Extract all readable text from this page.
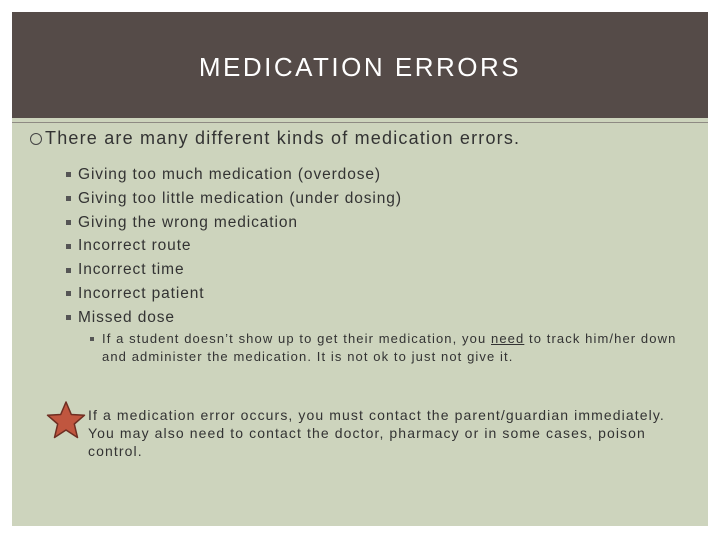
MEDICATION ERRORS
There are many different kinds of medication errors.
Giving too much medication (overdose)
Giving too little medication (under dosing)
Giving the wrong medication
Incorrect route
Incorrect time
Incorrect patient
Missed dose
If a student doesn’t show up to get their medication, you need to track him/her down and administer the medication. It is not ok to just not give it.
If a medication error occurs, you must contact the parent/guardian immediately. You may also need to contact the doctor, pharmacy or in some cases, poison control.
